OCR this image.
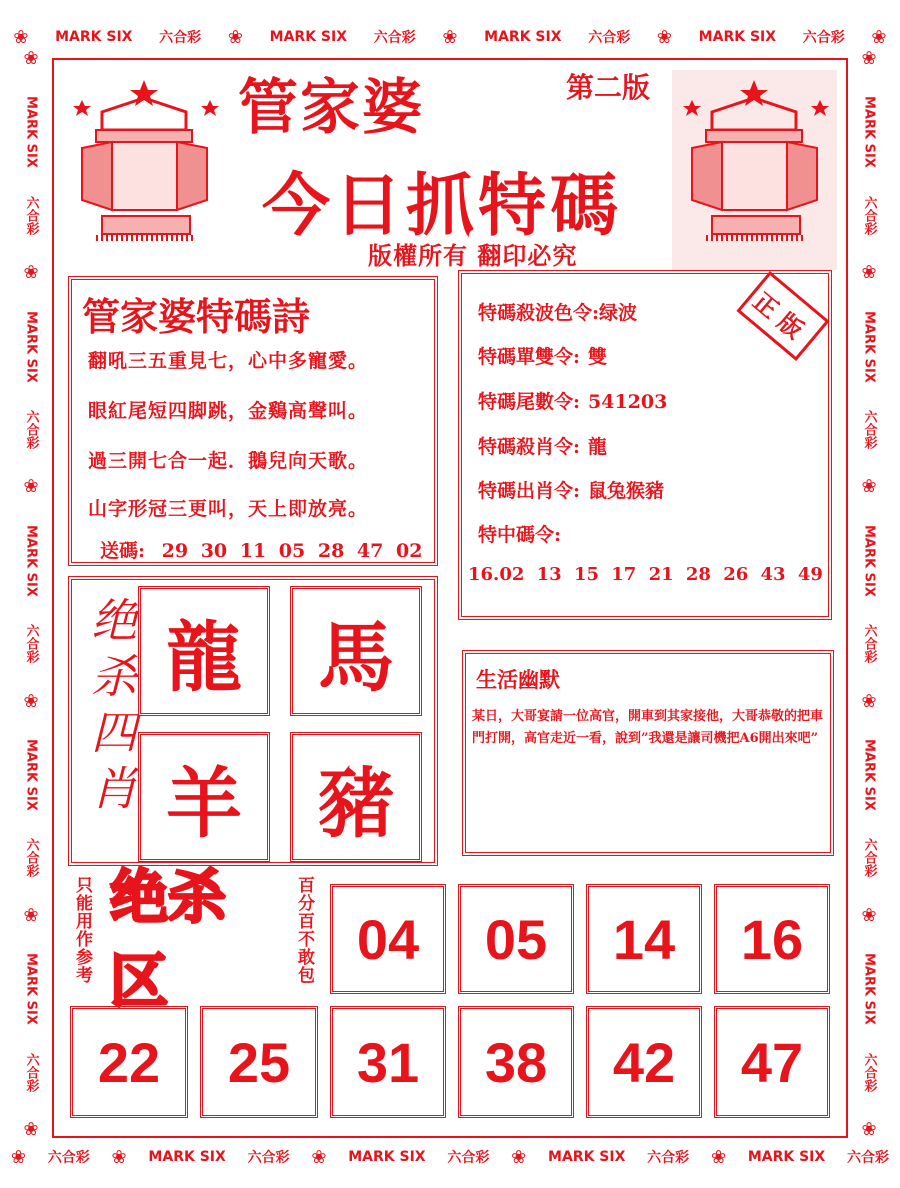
❀ MARK SIX 六合彩 ❀ MARK SIX 六合彩 ❀ MARK SIX 六合彩 ❀ MARK SIX 六合彩 ❀
❀ 六合彩 ❀ MARK SIX 六合彩 ❀ MARK SIX 六合彩 ❀ MARK SIX 六合彩 ❀ MARK SIX 六合彩
❀
MARK SIX
六合彩
❀
MARK SIX
六合彩
❀
MARK SIX
六合彩
❀
MARK SIX
六合彩
❀
MARK SIX
六合彩
❀
❀
MARK SIX
六合彩
❀
MARK SIX
六合彩
❀
MARK SIX
六合彩
❀
MARK SIX
六合彩
❀
MARK SIX
六合彩
❀
管家婆	第二版
今日抓特碼
版權所有 翻印必究
管家婆特碼詩
翻吼三五重見七，心中多寵愛。
眼紅尾短四脚跳，金鷄高聲叫。
過三開七合一起．鵝兒向天歌。
山字形冠三更叫，天上即放亮。
送碼: 29 30 11 05 28 47 02
正版
特碼殺波色令:绿波
特碼單雙令: 雙
特碼尾數令: 541203
特碼殺肖令: 龍
特碼出肖令: 鼠兔猴豬
特中碼令:
16.02 13 15 17 21 28 26 43 49
绝杀四肖 龍	馬
羊	豬
生活幽默
某日，大哥宴請一位高官，開車到其家接他，大哥恭敬的把車門打開，高官走近一看，說到”我還是讓司機把A6開出來吧”
只能用作参考 绝杀区	百分百不敢包 04	05	14	16
22	25	31	38	42	47
